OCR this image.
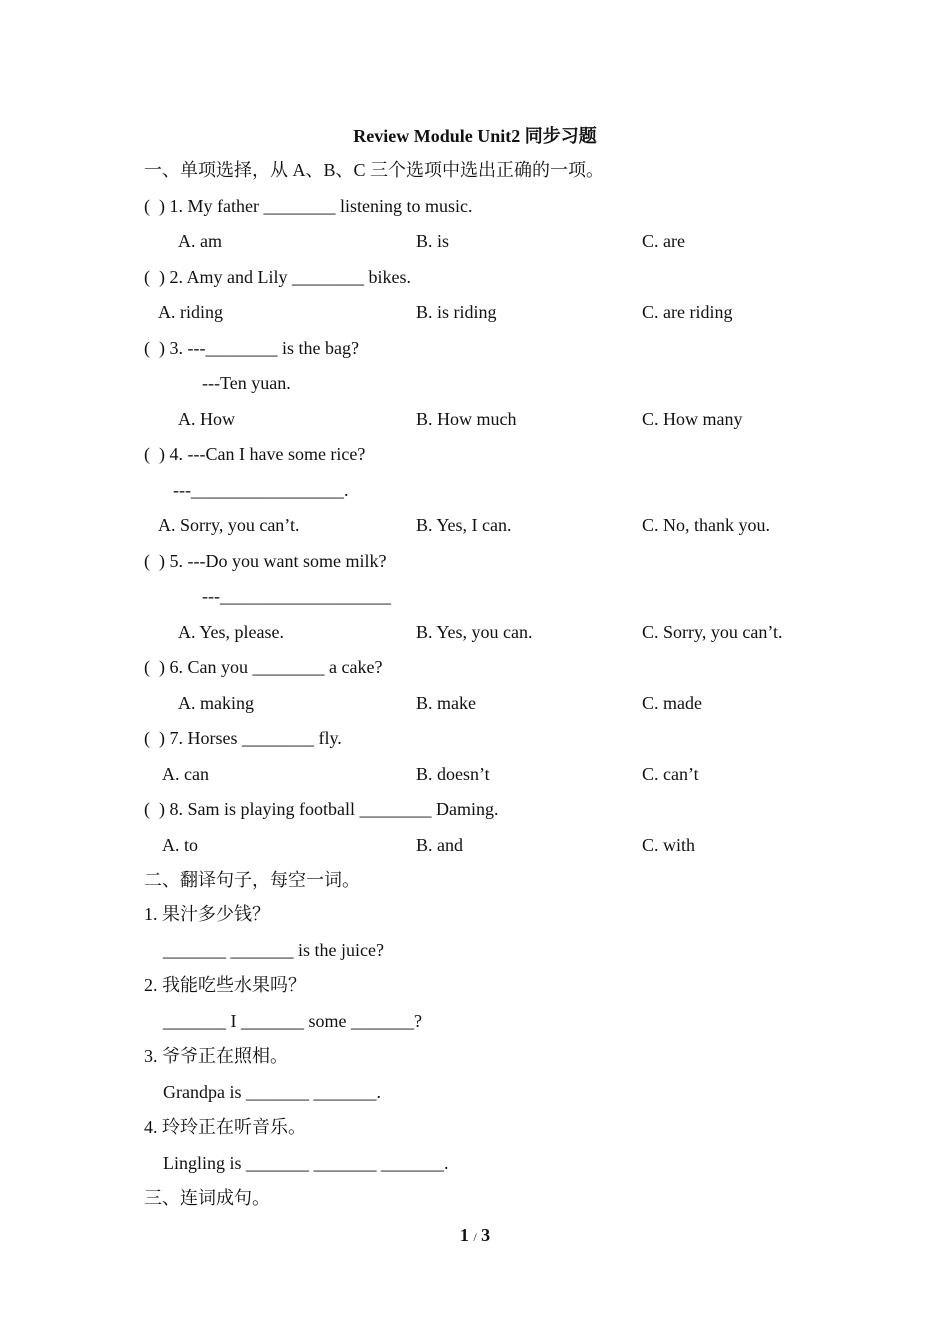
Review Module Unit2 同步习题
一、单项选择，从 A、B、C 三个选项中选出正确的一项。
(  ) 1. My father ________ listening to music.
A. am	B. is	C. are
(  ) 2. Amy and Lily ________ bikes.
A. riding	B. is riding	C. are riding
(  ) 3. ---________ is the bag?
---Ten yuan.
A. How	B. How much	C. How many
(  ) 4. ---Can I have some rice?
---_________________.
A. Sorry, you can’t.	B. Yes, I can.	C. No, thank you.
(  ) 5. ---Do you want some milk?
---___________________
A. Yes, please.	B. Yes, you can.	C. Sorry, you can’t.
(  ) 6. Can you ________ a cake?
A. making	B. make	C. made
(  ) 7. Horses ________ fly.
A. can	B. doesn’t	C. can’t
(  ) 8. Sam is playing football ________ Daming.
A. to	B. and	C. with
二、翻译句子，每空一词。
1. 果汁多少钱？
_______ _______ is the juice?
2. 我能吃些水果吗？
_______ I _______ some _______?
3. 爷爷正在照相。
Grandpa is _______ _______.
4. 玲玲正在听音乐。
Lingling is _______ _______ _______.
三、连词成句。
1 / 3
